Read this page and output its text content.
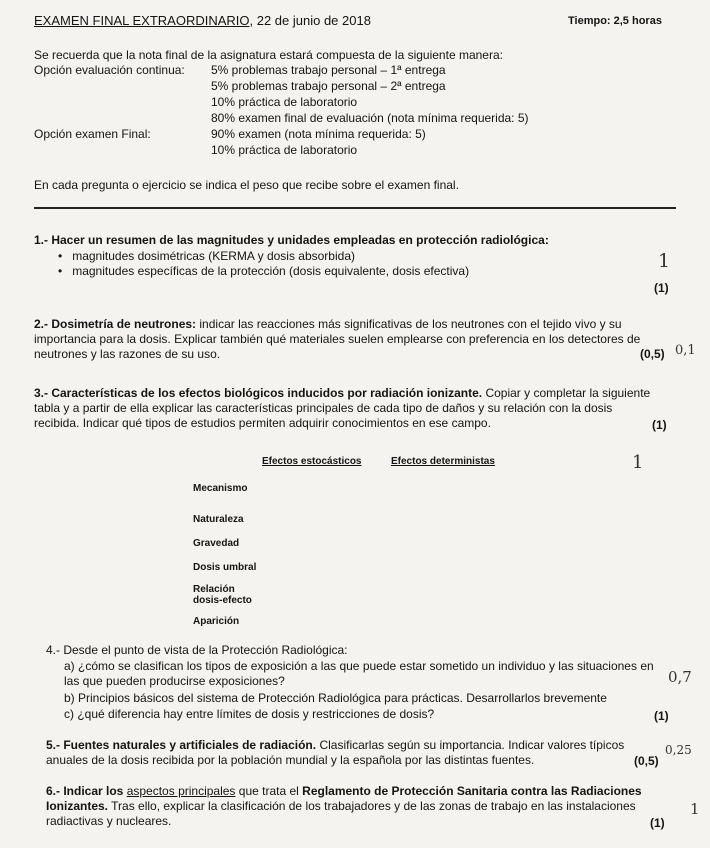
EXAMEN FINAL EXTRAORDINARIO, 22 de junio de 2018	Tiempo: 2,5 horas
Se recuerda que la nota final de la asignatura estará compuesta de la siguiente manera:
Opción evaluación continua: 5% problemas trabajo personal – 1ª entrega
5% problemas trabajo personal – 2ª entrega
10% práctica de laboratorio
80% examen final de evaluación (nota mínima requerida: 5)
Opción examen Final:	90% examen (nota mínima requerida: 5)
10% práctica de laboratorio
En cada pregunta o ejercicio se indica el peso que recibe sobre el examen final.
1.- Hacer un resumen de las magnitudes y unidades empleadas en protección radiológica:
•   magnitudes dosimétricas (KERMA y dosis absorbida)
•   magnitudes específicas de la protección (dosis equivalente, dosis efectiva)	1
(1)
2.- Dosimetría de neutrones: indicar las reacciones más significativas de los neutrones con el tejido vivo y su importancia para la dosis. Explicar también qué materiales suelen emplearse con preferencia en los detectores de neutrones y las razones de su uso.	(0,5) 0,1
3.- Características de los efectos biológicos inducidos por radiación ionizante. Copiar y completar la siguiente tabla y a partir de ella explicar las características principales de cada tipo de daños y su relación con la dosis recibida. Indicar qué tipos de estudios permiten adquirir conocimientos en ese campo.	(1)
1
Efectos estocásticos	Efectos deterministas
Mecanismo
Naturaleza
Gravedad
Dosis umbral
Relación
dosis-efecto
Aparición
4.- Desde el punto de vista de la Protección Radiológica:
a) ¿cómo se clasifican los tipos de exposición a las que puede estar sometido un individuo y las situaciones en las que pueden producirse exposiciones?
b) Principios básicos del sistema de Protección Radiológica para prácticas. Desarrollarlos brevemente
c) ¿qué diferencia hay entre límites de dosis y restricciones de dosis?	(1)
0,7
5.- Fuentes naturales y artificiales de radiación. Clasificarlas según su importancia. Indicar valores típicos anuales de la dosis recibida por la población mundial y la española por las distintas fuentes.	(0,5)
0,25
6.- Indicar los aspectos principales que trata el Reglamento de Protección Sanitaria contra las Radiaciones Ionizantes. Tras ello, explicar la clasificación de los trabajadores y de las zonas de trabajo en las instalaciones radiactivas y nucleares.	(1)
1
